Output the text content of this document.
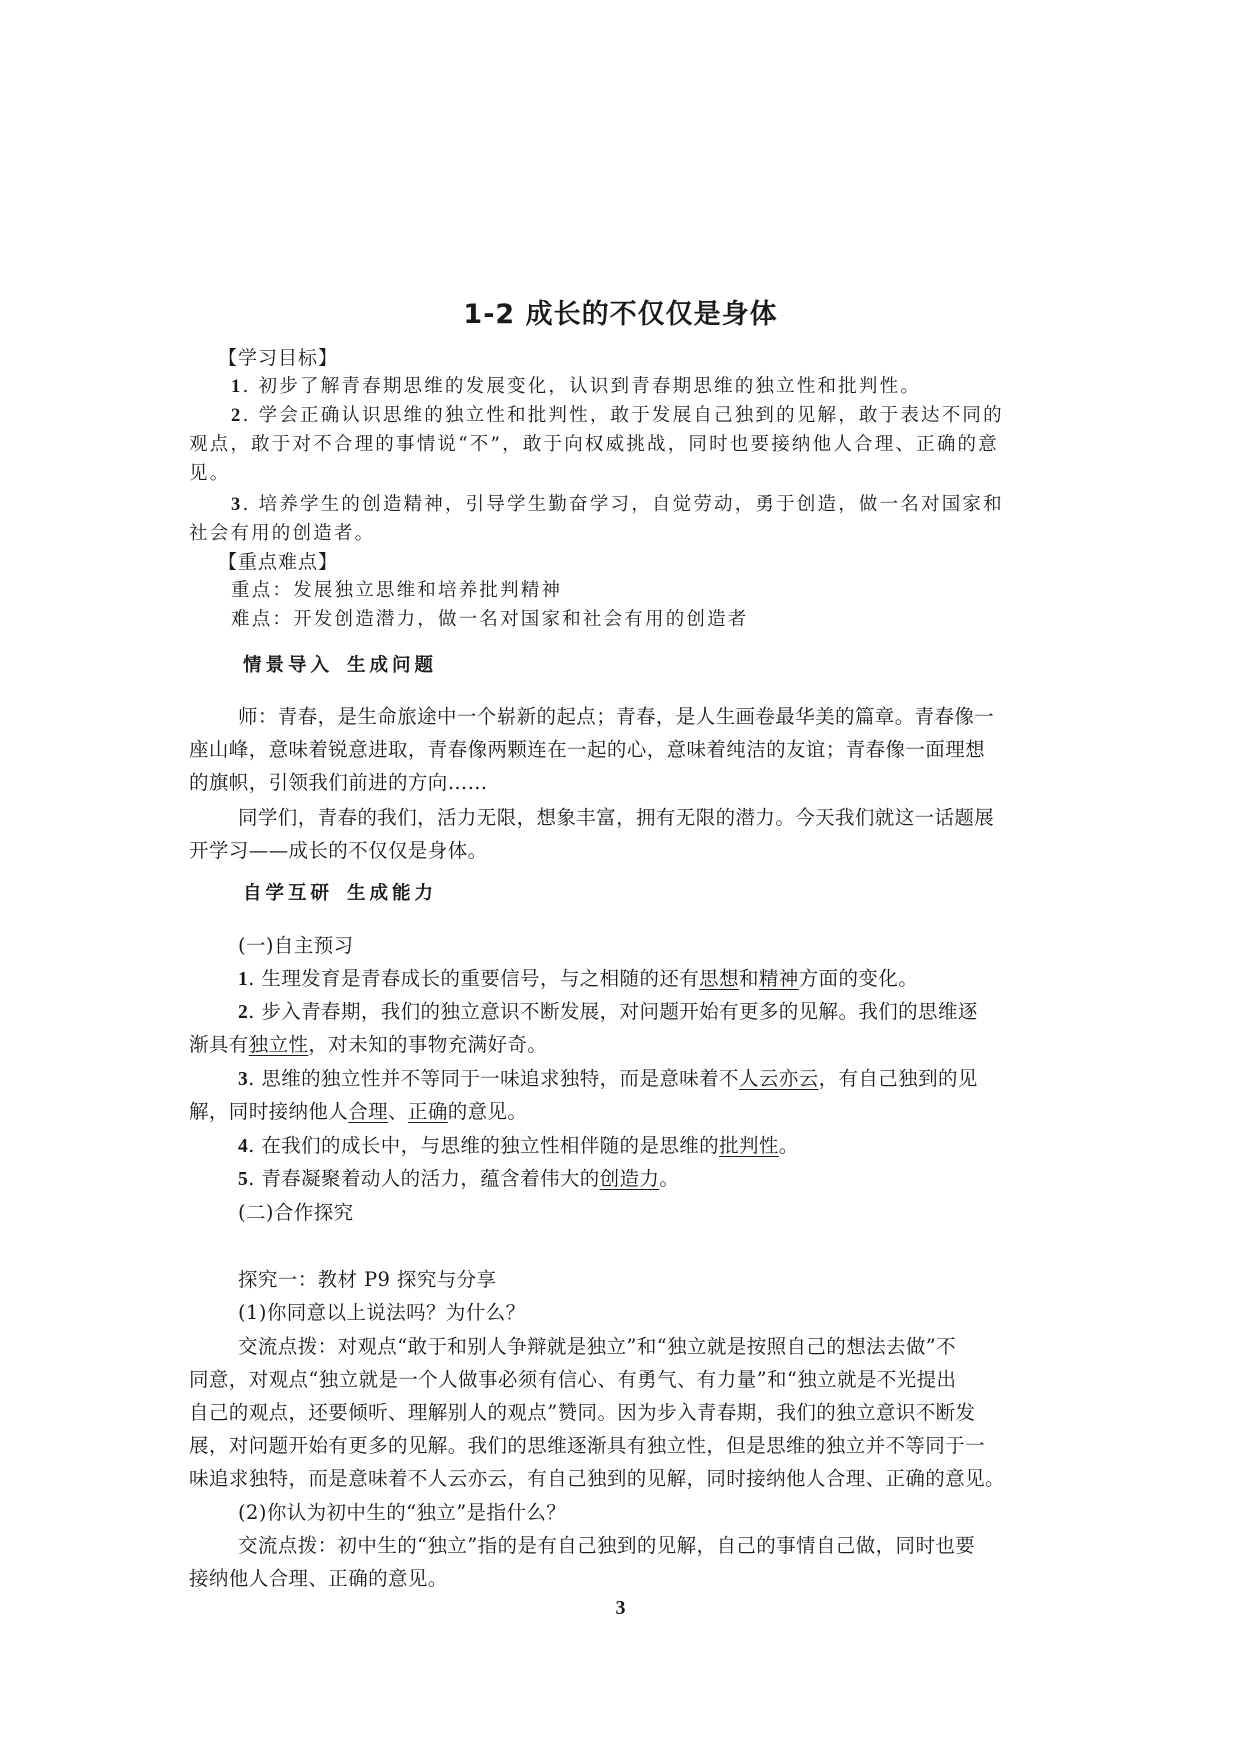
1-2 成长的不仅仅是身体
【学习目标】
1. 初步了解青春期思维的发展变化，认识到青春期思维的独立性和批判性。
2. 学会正确认识思维的独立性和批判性，敢于发展自己独到的见解，敢于表达不同的
观点，敢于对不合理的事情说“不”，敢于向权威挑战，同时也要接纳他人合理、正确的意
见。
3. 培养学生的创造精神，引导学生勤奋学习，自觉劳动，勇于创造，做一名对国家和
社会有用的创造者。
【重点难点】
重点：发展独立思维和培养批判精神
难点：开发创造潜力，做一名对国家和社会有用的创造者
情景导入 生成问题
师：青春，是生命旅途中一个崭新的起点；青春，是人生画卷最华美的篇章。青春像一
座山峰，意味着锐意进取，青春像两颗连在一起的心，意味着纯洁的友谊；青春像一面理想
的旗帜，引领我们前进的方向……
同学们，青春的我们，活力无限，想象丰富，拥有无限的潜力。今天我们就这一话题展
开学习——成长的不仅仅是身体。
自学互研 生成能力
(一)自主预习
1. 生理发育是青春成长的重要信号，与之相随的还有思想和精神方面的变化。
2. 步入青春期，我们的独立意识不断发展，对问题开始有更多的见解。我们的思维逐
渐具有独立性，对未知的事物充满好奇。
3. 思维的独立性并不等同于一味追求独特，而是意味着不人云亦云，有自己独到的见
解，同时接纳他人合理、正确的意见。
4. 在我们的成长中，与思维的独立性相伴随的是思维的批判性。
5. 青春凝聚着动人的活力，蕴含着伟大的创造力。
(二)合作探究
探究一：教材 P9 探究与分享
(1)你同意以上说法吗？为什么？
交流点拨：对观点“敢于和别人争辩就是独立”和“独立就是按照自己的想法去做”不
同意，对观点“独立就是一个人做事必须有信心、有勇气、有力量”和“独立就是不光提出
自己的观点，还要倾听、理解别人的观点”赞同。因为步入青春期，我们的独立意识不断发
展，对问题开始有更多的见解。我们的思维逐渐具有独立性，但是思维的独立并不等同于一
味追求独特，而是意味着不人云亦云，有自己独到的见解，同时接纳他人合理、正确的意见。
(2)你认为初中生的“独立”是指什么？
交流点拨：初中生的“独立”指的是有自己独到的见解，自己的事情自己做，同时也要
接纳他人合理、正确的意见。
3
